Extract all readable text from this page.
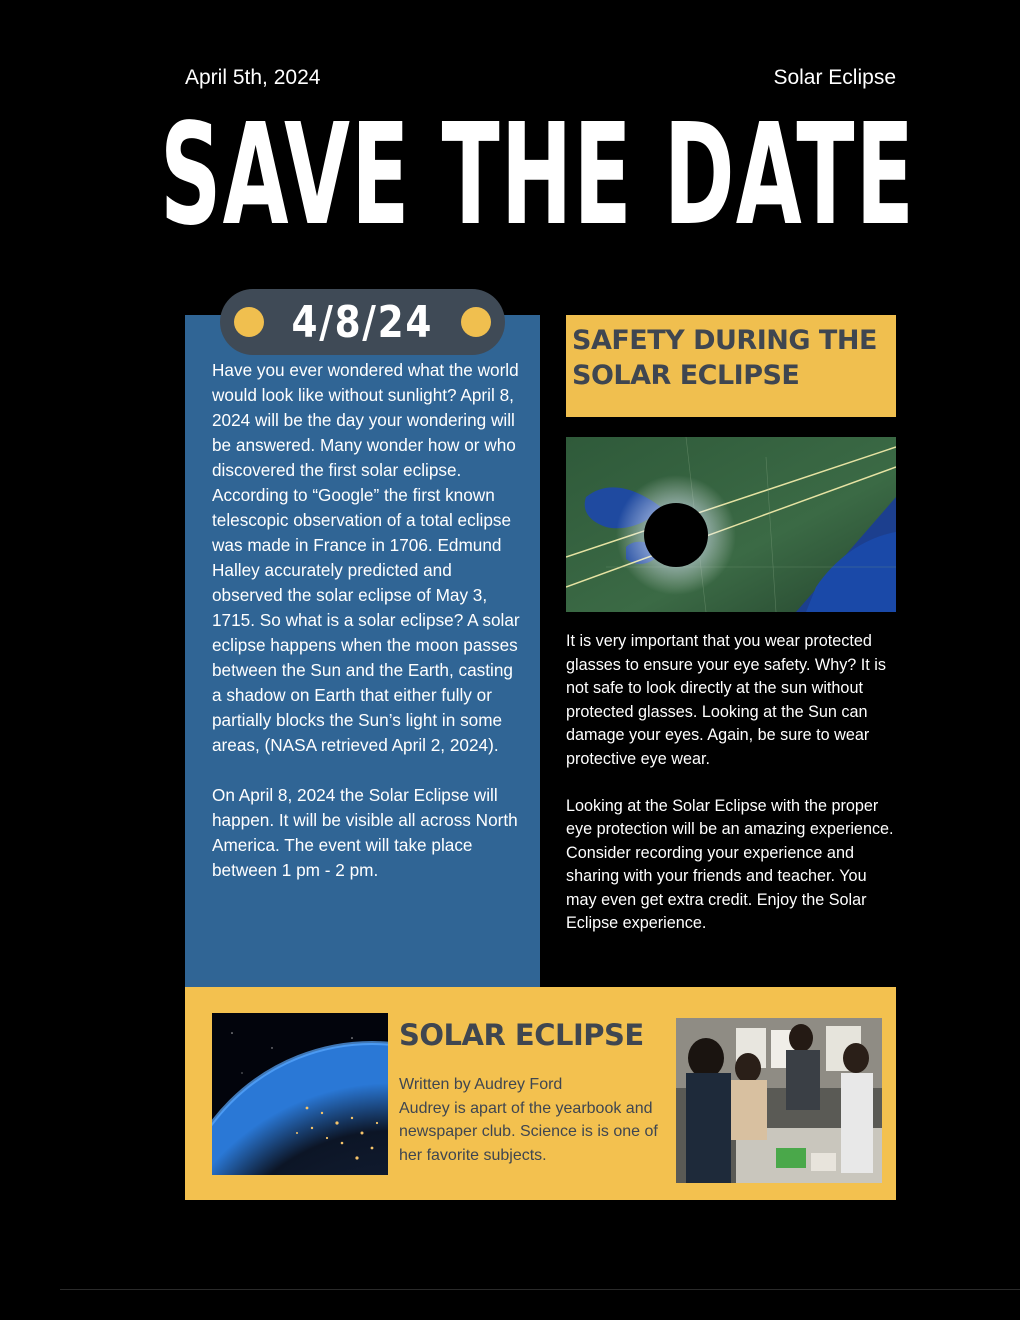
April 5th, 2024	Solar Eclipse
SAVE THE DATE
4/8/24

Have you ever wondered what the world would look like without sunlight? April 8, 2024 will be the day your wondering will be answered. Many wonder how or who discovered the first solar eclipse. According to “Google” the first known telescopic observation of a total eclipse was made in France in 1706. Edmund Halley accurately predicted and observed the solar eclipse of May 3, 1715. So what is a solar eclipse? A solar eclipse happens when the moon passes between the Sun and the Earth, casting a shadow on Earth that either fully or partially blocks the Sun’s light in some areas, (NASA retrieved April 2, 2024).

On April 8, 2024 the Solar Eclipse will happen. It will be visible all across North America. The event will take place between 1 pm - 2 pm.

SAFETY DURING THE SOLAR ECLIPSE

It is very important that you wear protected glasses to ensure your eye safety. Why? It is not safe to look directly at the sun without protected glasses. Looking at the Sun can damage your eyes. Again, be sure to wear protective eye wear.

Looking at the Solar Eclipse with the proper eye protection will be an amazing experience. Consider recording your experience and sharing with your friends and teacher. You may even get extra credit. Enjoy the Solar Eclipse experience.

SOLAR ECLIPSE

Written by Audrey Ford

Audrey is apart of the yearbook and newspaper club. Science is is one of her favorite subjects.
